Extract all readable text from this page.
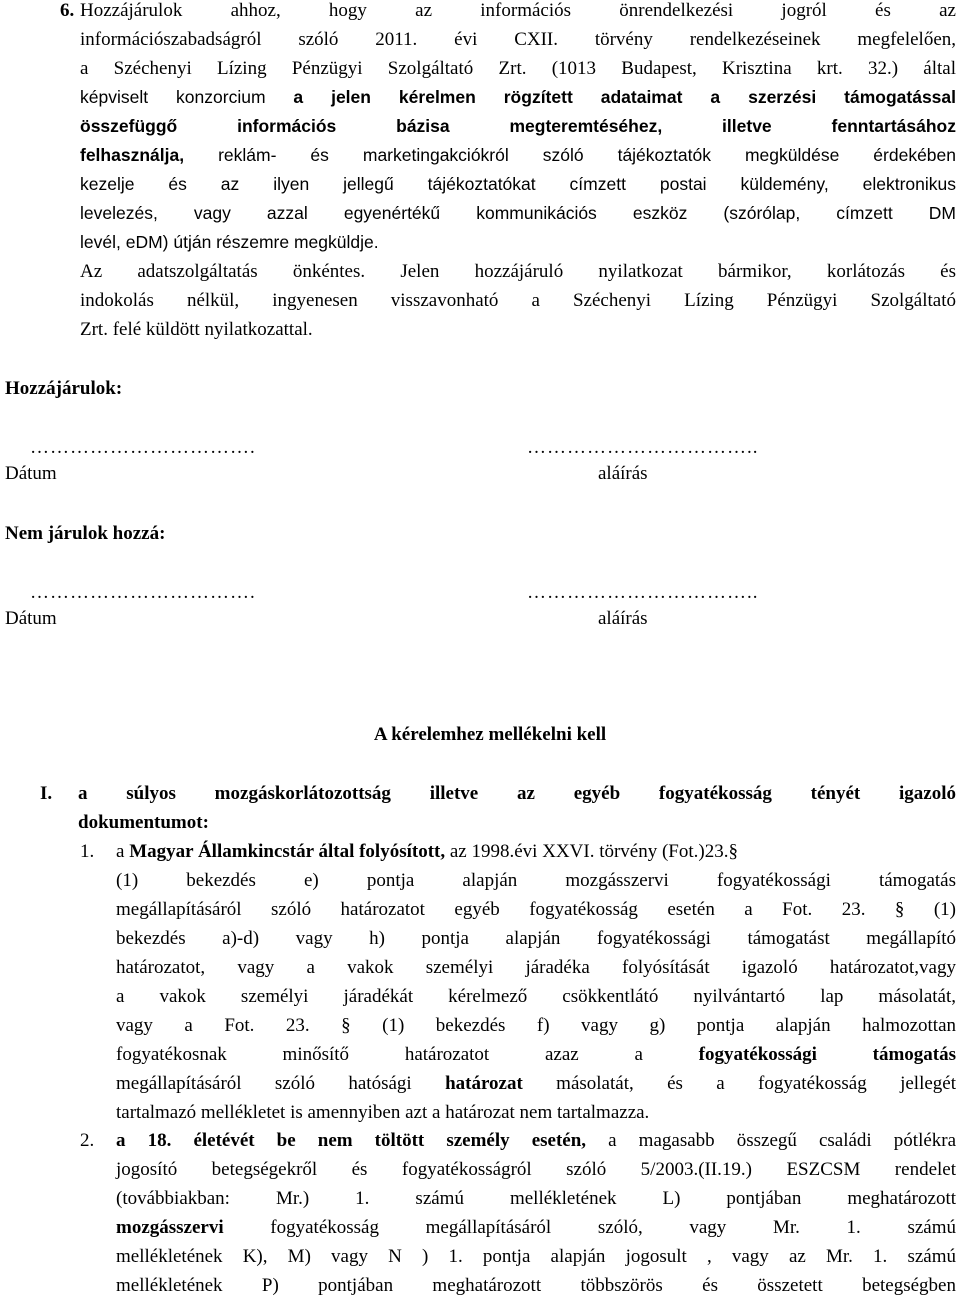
6. Hozzájárulok ahhoz, hogy az információs önrendelkezési jogról és az
információszabadságról szóló 2011. évi CXII. törvény rendelkezéseinek megfelelően,
a Széchenyi Lízing Pénzügyi Szolgáltató Zrt. (1013 Budapest, Krisztina krt. 32.) által
képviselt konzorcium a jelen kérelmen rögzített adataimat a szerzési támogatással
összefüggő információs bázisa megteremtéséhez, illetve fenntartásához
felhasználja, reklám- és marketingakciókról szóló tájékoztatók megküldése érdekében
kezelje és az ilyen jellegű tájékoztatókat címzett postai küldemény, elektronikus
levelezés, vagy azzal egyenértékű kommunikációs eszköz (szórólap, címzett DM
levél, eDM) útján részemre megküldje.
Az adatszolgáltatás önkéntes. Jelen hozzájáruló nyilatkozat bármikor, korlátozás és
indokolás nélkül, ingyenesen visszavonható a Széchenyi Lízing Pénzügyi Szolgáltató
Zrt. felé küldött nyilatkozattal.
Hozzájárulok:
…………………………….	……………………………..
Dátum	aláírás
Nem járulok hozzá:
…………………………….	……………………………..
Dátum	aláírás
A kérelemhez mellékelni kell
I. a súlyos mozgáskorlátozottság illetve az egyéb fogyatékosság tényét igazoló
dokumentumot:
1. a Magyar Államkincstár által folyósított, az 1998.évi XXVI. törvény (Fot.)23.§
(1) bekezdés e) pontja alapján mozgásszervi fogyatékossági támogatás
megállapításáról szóló határozatot egyéb fogyatékosság esetén a Fot. 23. § (1)
bekezdés a)-d) vagy h) pontja alapján fogyatékossági támogatást megállapító
határozatot, vagy a vakok személyi járadéka folyósítását igazoló határozatot,vagy
a vakok személyi járadékát kérelmező csökkentlátó nyilvántartó lap másolatát,
vagy a Fot. 23. § (1) bekezdés f) vagy g) pontja alapján halmozottan
fogyatékosnak minősítő határozatot azaz a	fogyatékossági támogatás
megállapításáról szóló hatósági határozat másolatát, és a fogyatékosság jellegét
tartalmazó mellékletet is amennyiben azt a határozat nem tartalmazza.
2. a 18. életévét be nem töltött személy esetén, a magasabb összegű családi pótlékra
jogosító betegségekről és fogyatékosságról szóló 5/2003.(II.19.) ESZCSM rendelet
(továbbiakban: Mr.) 1. számú mellékletének L) pontjában meghatározott
mozgásszervi fogyatékosság megállapításáról szóló, vagy Mr. 1. számú
mellékletének K), M) vagy N ) 1. pontja alapján jogosult , vagy az Mr. 1. számú
mellékletének P) pontjában meghatározott többszörös és összetett betegségben
